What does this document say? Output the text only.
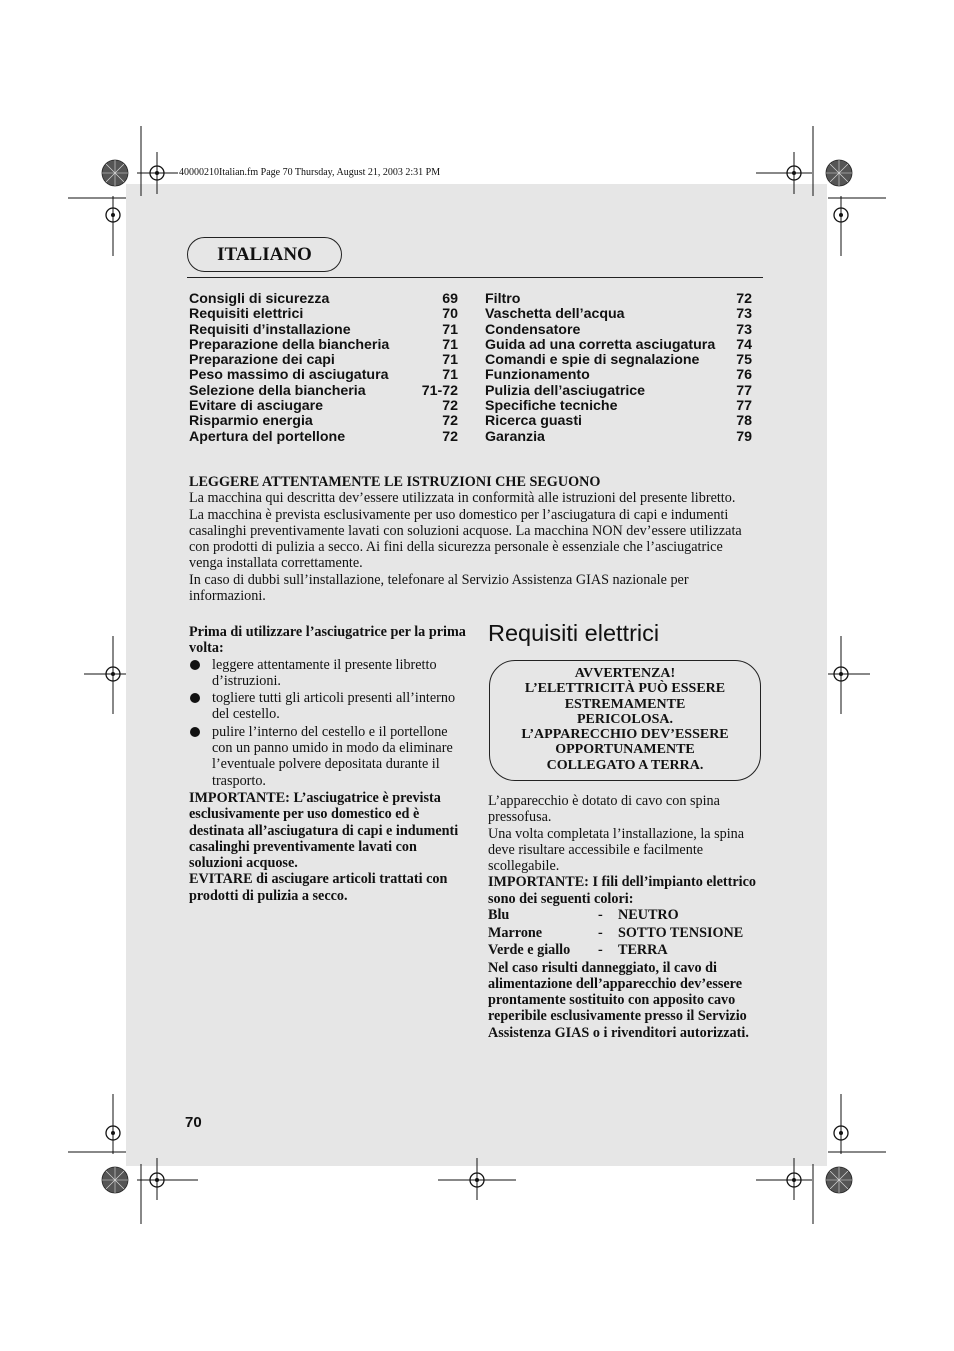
40000210Italian.fm Page 70 Thursday, August 21, 2003 2:31 PM
ITALIANO
Consigli di sicurezza	69
Requisiti elettrici	70
Requisiti d’installazione	71
Preparazione della biancheria	71
Preparazione dei capi	71
Peso massimo di asciugatura	71
Selezione della biancheria	71-72
Evitare di asciugare	72
Risparmio energia	72
Apertura del portellone	72
Filtro	72
Vaschetta dell’acqua	73
Condensatore	73
Guida ad una corretta asciugatura 74
Comandi e spie di segnalazione	75
Funzionamento	76
Pulizia dell’asciugatrice	77
Specifiche tecniche	77
Ricerca guasti	78
Garanzia	79
LEGGERE ATTENTAMENTE LE ISTRUZIONI CHE SEGUONO
La macchina qui descritta dev’essere utilizzata in conformità alle istruzioni del presente libretto. La macchina è prevista esclusivamente per uso domestico per l’asciugatura di capi e indumenti casalinghi preventivamente lavati con soluzioni acquose. La macchina NON dev’essere utilizzata con prodotti di pulizia a secco. Ai fini della sicurezza personale è essenziale che l’asciugatrice venga installata correttamente.
In caso di dubbi sull’installazione, telefonare al Servizio Assistenza GIAS nazionale per informazioni.

Prima di utilizzare l’asciugatrice per la prima volta:

leggere attentamente il presente libretto d’istruzioni.
togliere tutti gli articoli presenti all’interno del cestello.
pulire l’interno del cestello e il portellone con un panno umido in modo da eliminare l’eventuale polvere depositata durante il trasporto.

IMPORTANTE: L’asciugatrice è prevista esclusivamente per uso domestico ed è destinata all’asciugatura di capi e indumenti casalinghi preventivamente lavati con soluzioni acquose.

EVITARE di asciugare articoli trattati con prodotti di pulizia a secco.

Requisiti elettrici
AVVERTENZA!
L’ELETTRICITÀ PUÒ ESSERE
ESTREMAMENTE
PERICOLOSA.
L’APPARECCHIO DEV’ESSERE
OPPORTUNAMENTE
COLLEGATO A TERRA.

L’apparecchio è dotato di cavo con spina pressofusa.

Una volta completata l’installazione, la spina deve risultare accessibile e facilmente scollegabile.

IMPORTANTE: I fili dell’impianto elettrico sono dei seguenti colori:

Blu	-	NEUTRO
Marrone	-	SOTTO TENSIONE
Verde e giallo	-	TERRA

Nel caso risulti danneggiato, il cavo di alimentazione dell’apparecchio dev’essere prontamente sostituito con apposito cavo reperibile esclusivamente presso il Servizio Assistenza GIAS o i rivenditori autorizzati.

70
